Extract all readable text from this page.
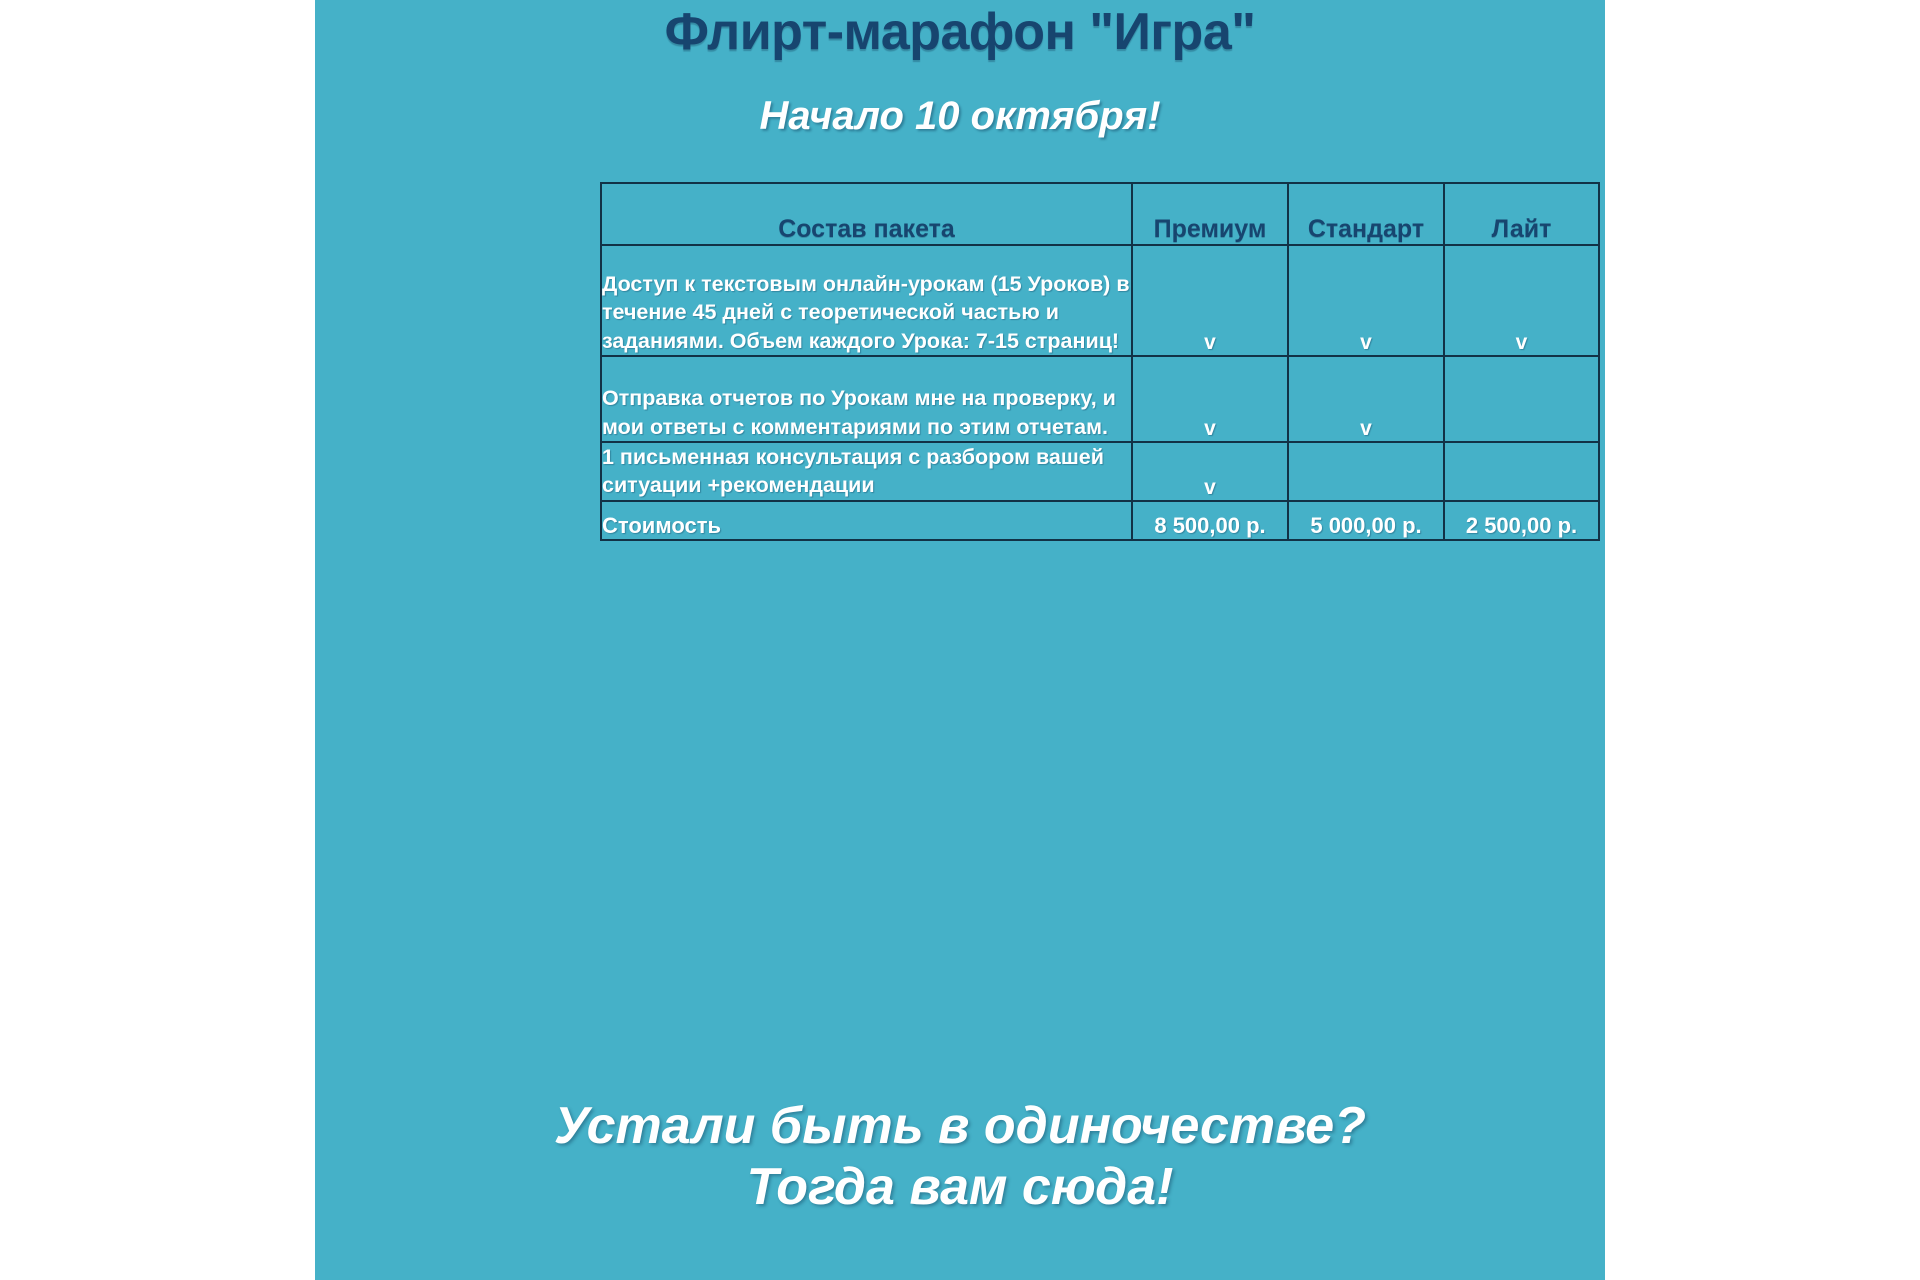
Флирт-марафон "Игра"
Начало 10 октября!
Состав пакета	Премиум	Стандарт	Лайт
Доступ к текстовым онлайн-урокам (15 Уроков) в течение 45 дней с теоретической частью и заданиями. Объем каждого Урока: 7-15 страниц!	v	v	v
Отправка отчетов по Урокам мне на проверку, и мои ответы с комментариями по этим отчетам.	v	v	
1 письменная консультация с разбором вашей ситуации +рекомендации	v		
Стоимость	8 500,00 р.	5 000,00 р.	2 500,00 р.
Устали быть в одиночестве?
Тогда вам сюда!
